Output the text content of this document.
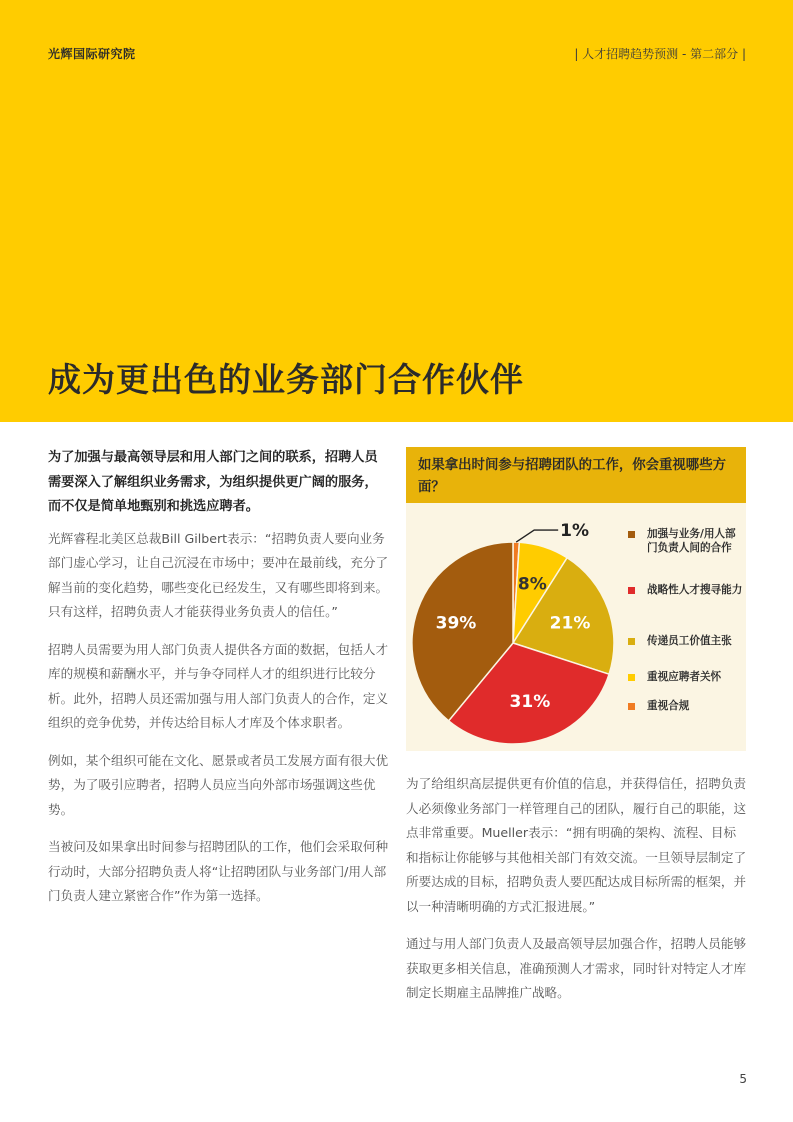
光辉国际研究院	| 人才招聘趋势预测 - 第二部分 |
成为更出色的业务部门合作伙伴

为了加强与最高领导层和用人部门之间的联系，招聘人员需要深入了解组织业务需求，为组织提供更广阔的服务，而不仅是简单地甄别和挑选应聘者。

光辉睿程北美区总裁Bill Gilbert表示：“招聘负责人要向业务部门虚心学习，让自己沉浸在市场中；要冲在最前线，充分了解当前的变化趋势，哪些变化已经发生，又有哪些即将到来。只有这样，招聘负责人才能获得业务负责人的信任。”

招聘人员需要为用人部门负责人提供各方面的数据，包括人才库的规模和薪酬水平，并与争夺同样人才的组织进行比较分析。此外，招聘人员还需加强与用人部门负责人的合作，定义组织的竞争优势，并传达给目标人才库及个体求职者。

例如，某个组织可能在文化、愿景或者员工发展方面有很大优势，为了吸引应聘者，招聘人员应当向外部市场强调这些优势。

当被问及如果拿出时间参与招聘团队的工作，他们会采取何种行动时，大部分招聘负责人将“让招聘团队与业务部门/用人部门负责人建立紧密合作”作为第一选择。

如果拿出时间参与招聘团队的工作，你会重视哪些方面？
1%
8%
21%
31%
39%
加强与业务/用人部门负责人间的合作
战略性人才搜寻能力
传递员工价值主张
重视应聘者关怀
重视合规

为了给组织高层提供更有价值的信息，并获得信任，招聘负责人必须像业务部门一样管理自己的团队，履行自己的职能，这点非常重要。Mueller表示：“拥有明确的架构、流程、目标和指标让你能够与其他相关部门有效交流。一旦领导层制定了所要达成的目标，招聘负责人要匹配达成目标所需的框架，并以一种清晰明确的方式汇报进展。”

通过与用人部门负责人及最高领导层加强合作，招聘人员能够获取更多相关信息，准确预测人才需求，同时针对特定人才库制定长期雇主品牌推广战略。

5
